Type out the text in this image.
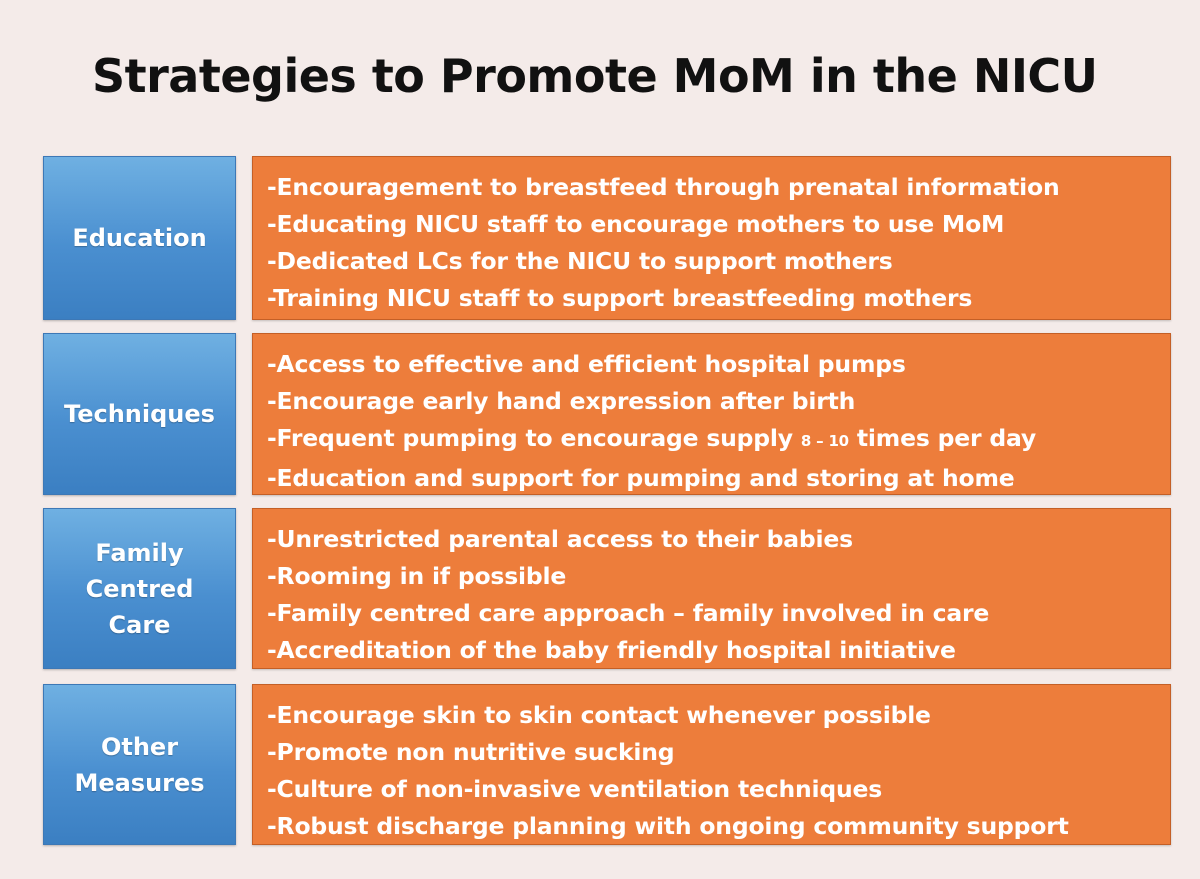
Strategies to Promote MoM in the NICU
Education
-Encouragement to breastfeed through prenatal information
-Educating NICU staff to encourage mothers to use MoM
-Dedicated LCs for the NICU to support mothers
-Training NICU staff to support breastfeeding mothers
Techniques
-Access to effective and efficient hospital pumps
-Encourage early hand expression after birth
-Frequent pumping to encourage supply 8 – 10 times per day
-Education and support for pumping and storing at home
Family
Centred
Care
-Unrestricted parental access to their babies
-Rooming in if possible
-Family centred care approach – family involved in care
-Accreditation of the baby friendly hospital initiative
Other
Measures
-Encourage skin to skin contact whenever possible
-Promote non nutritive sucking
-Culture of non-invasive ventilation techniques
-Robust discharge planning with ongoing community support
